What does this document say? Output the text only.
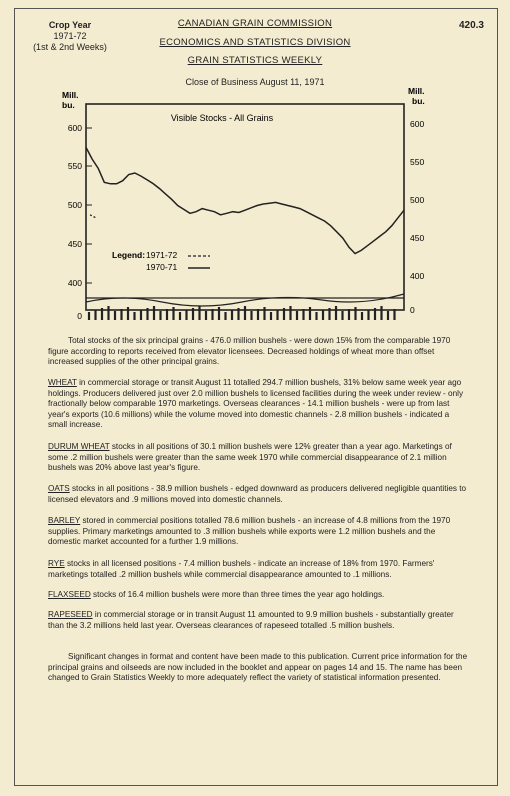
Crop Year
1971-72
(1st & 2nd Weeks)
420.3
CANADIAN GRAIN COMMISSION
ECONOMICS AND STATISTICS DIVISION
GRAIN STATISTICS WEEKLY
Close of Business August 11, 1971
Visible Stocks - All Grains
Mill.
bu.
Mill.
bu.
600
550
500
450
400
0
600
550
500
450
400
0
Legend: 1971-72
1970-71

Total stocks of the six principal grains - 476.0 million bushels - were down 15% from the comparable 1970 figure according to reports received from elevator licensees. Decreased holdings of wheat more than offset increased supplies of the other principal grains.

WHEAT in commercial storage or transit August 11 totalled 294.7 million bushels, 31% below same week year ago holdings. Producers delivered just over 2.0 million bushels to licensed facilities during the week under review - only fractionally below comparable 1970 marketings. Overseas clearances - 14.1 million bushels - were up from last year's exports (10.6 millions) while the volume moved into domestic channels - 2.8 million bushels - indicated a small increase.

DURUM WHEAT stocks in all positions of 30.1 million bushels were 12% greater than a year ago. Marketings of some .2 million bushels were greater than the same week 1970 while commercial disappearance of 2.1 million bushels was 20% above last year's figure.

OATS stocks in all positions - 38.9 million bushels - edged downward as producers delivered negligible quantities to licensed elevators and .9 millions moved into domestic channels.

BARLEY stored in commercial positions totalled 78.6 million bushels - an increase of 4.8 millions from the 1970 supplies. Primary marketings amounted to .3 million bushels while exports were 1.2 million bushels and the domestic market accounted for a further 1.9 millions.

RYE stocks in all licensed positions - 7.4 million bushels - indicate an increase of 18% from 1970. Farmers' marketings totalled .2 million bushels while commercial disappearance amounted to .1 millions.

FLAXSEED stocks of 16.4 million bushels were more than three times the year ago holdings.

RAPESEED in commercial storage or in transit August 11 amounted to 9.9 million bushels - substantially greater than the 3.2 millions held last year. Overseas clearances of rapeseed totalled .5 million bushels.

Significant changes in format and content have been made to this publication. Current price information for the principal grains and oilseeds are now included in the booklet and appear on pages 14 and 15. The name has been changed to Grain Statistics Weekly to more adequately reflect the variety of statistical information presented.
